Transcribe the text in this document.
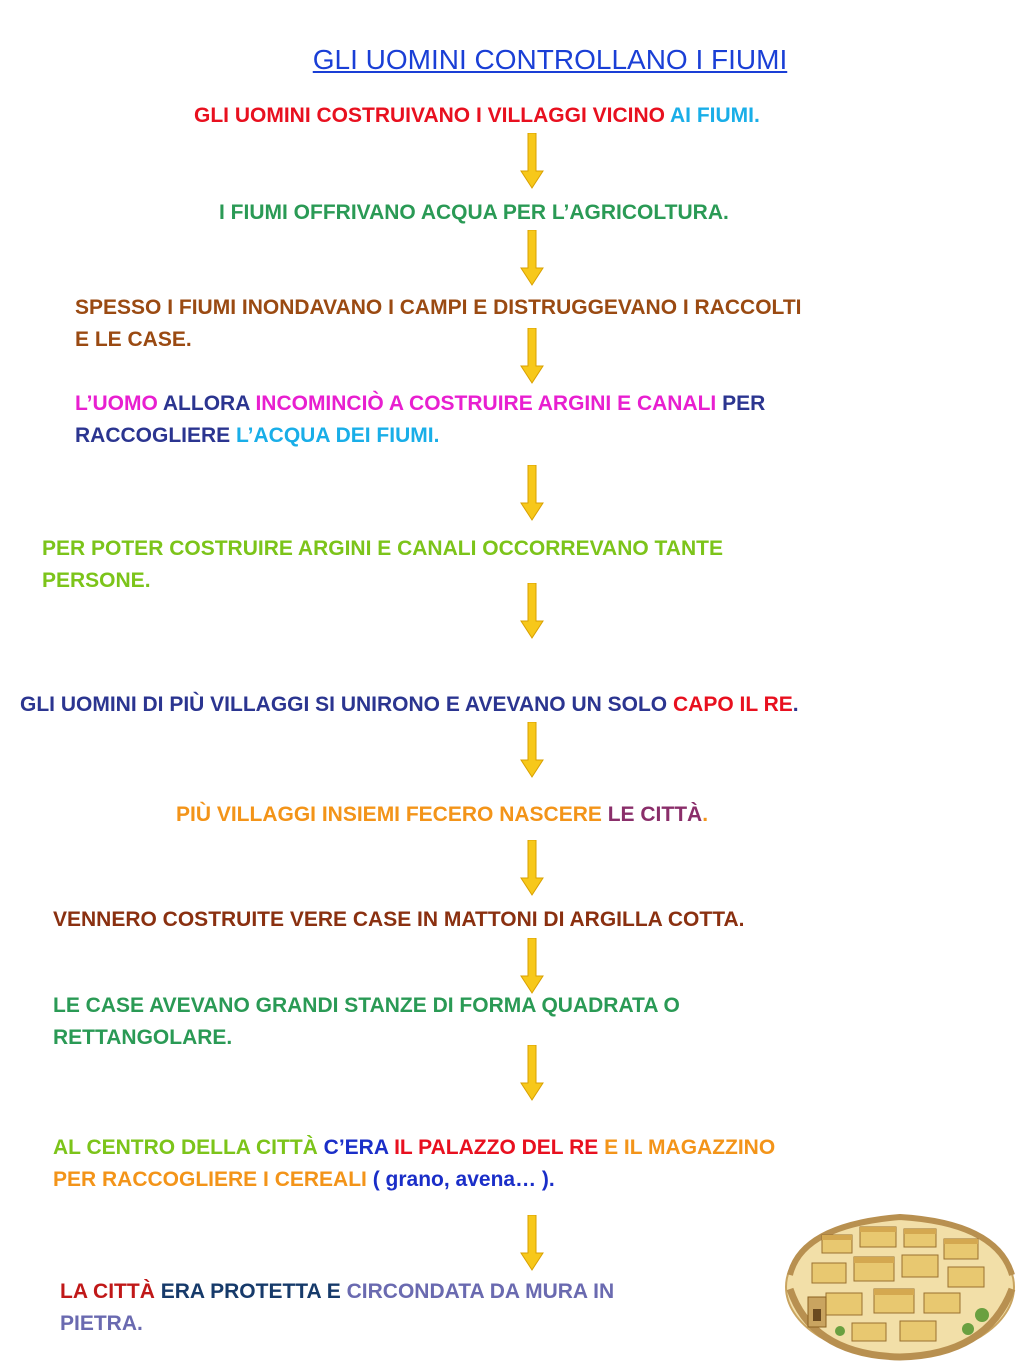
GLI UOMINI CONTROLLANO I FIUMI
GLI UOMINI COSTRUIVANO I VILLAGGI VICINO AI FIUMI.
I FIUMI OFFRIVANO ACQUA PER L’AGRICOLTURA.
SPESSO I FIUMI INONDAVANO I CAMPI E DISTRUGGEVANO I RACCOLTI
E LE CASE.
L’UOMO ALLORA INCOMINCIÒ A COSTRUIRE ARGINI E CANALI PER
RACCOGLIERE L’ACQUA DEI FIUMI.
PER POTER COSTRUIRE ARGINI E CANALI OCCORREVANO TANTE
PERSONE.
GLI UOMINI DI PIÙ VILLAGGI SI UNIRONO E AVEVANO UN SOLO CAPO IL RE.
PIÙ VILLAGGI INSIEMI FECERO NASCERE LE CITTÀ.
VENNERO COSTRUITE VERE CASE IN MATTONI DI ARGILLA COTTA.
LE CASE AVEVANO GRANDI STANZE DI FORMA QUADRATA O
RETTANGOLARE.
AL CENTRO DELLA CITTÀ C’ERA IL PALAZZO DEL RE E IL MAGAZZINO
PER RACCOGLIERE I CEREALI ( grano, avena… ).
LA CITTÀ ERA PROTETTA E CIRCONDATA DA MURA IN
PIETRA.
